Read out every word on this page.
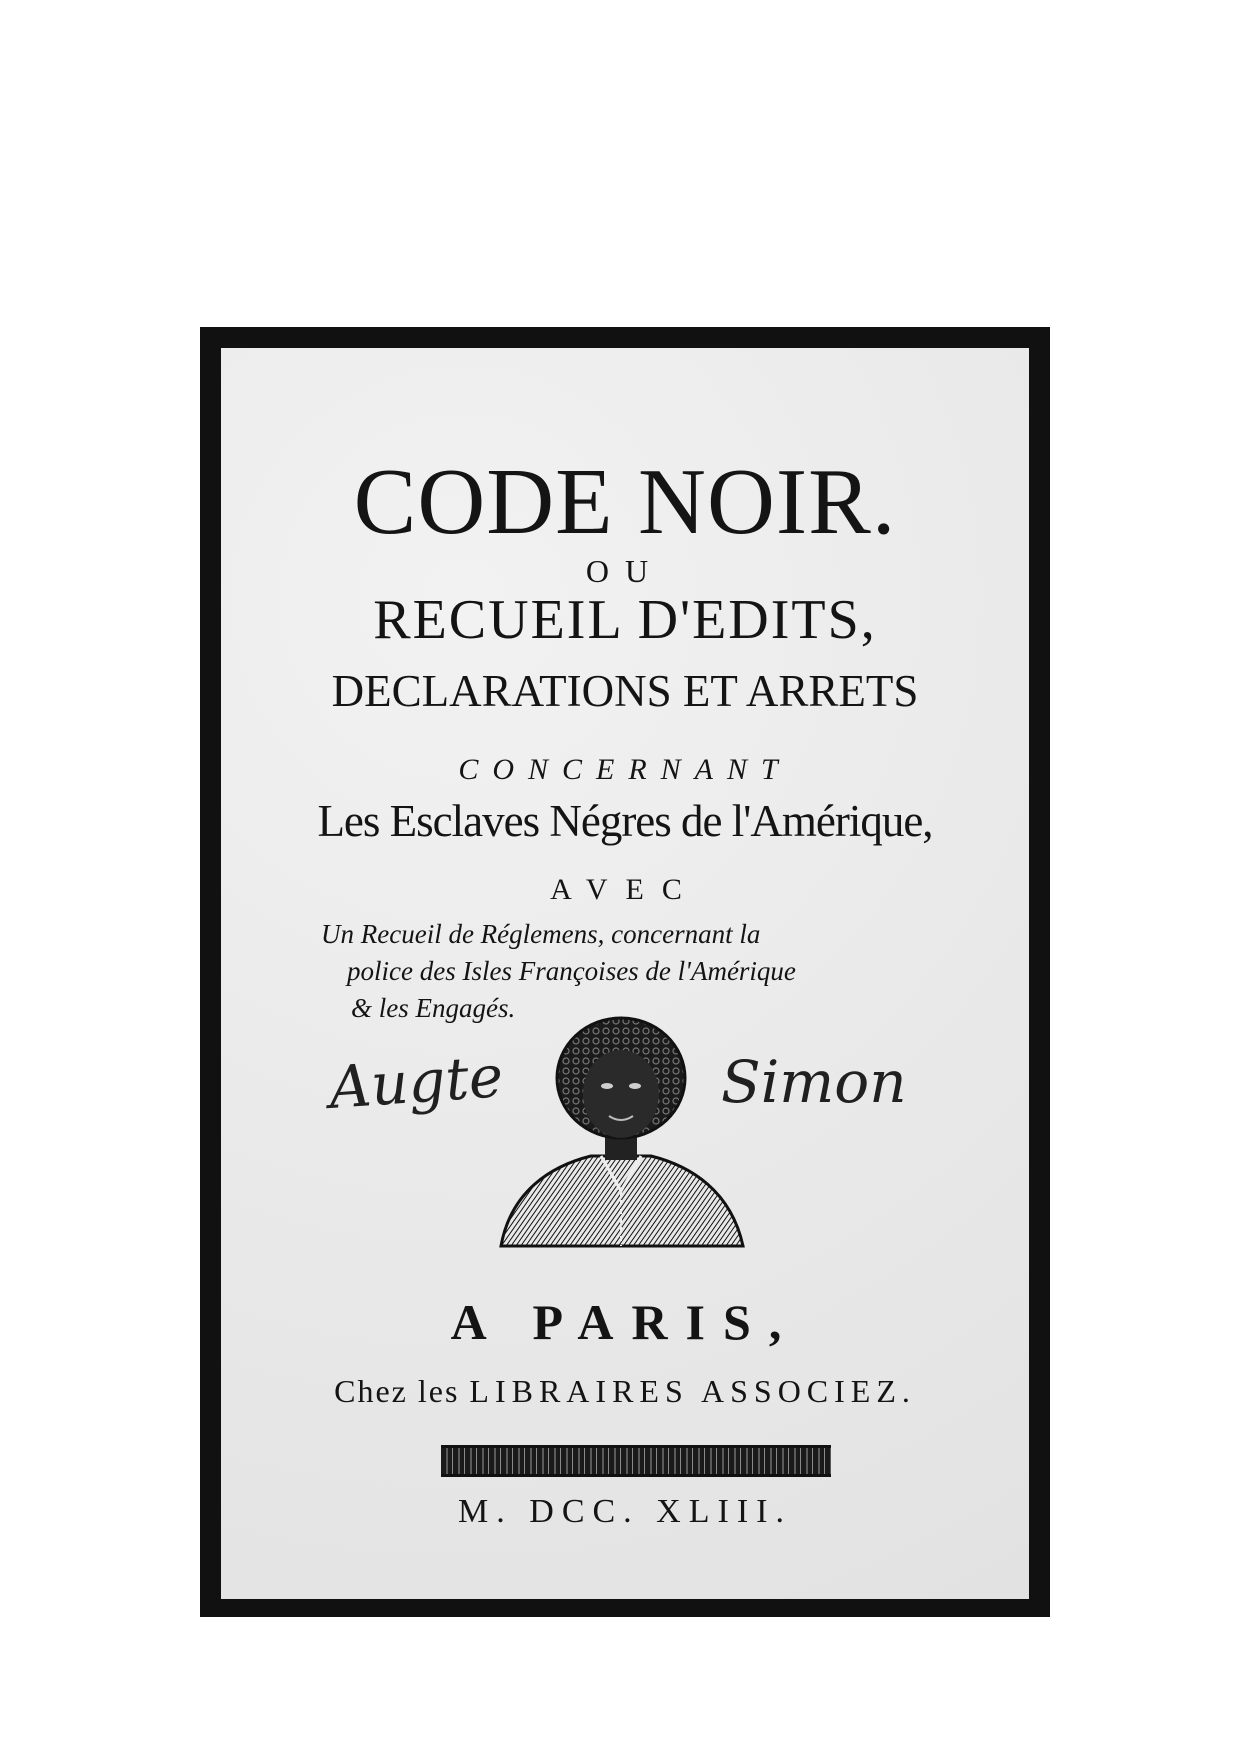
CODE NOIR.
OU
RECUEIL D'EDITS,
DECLARATIONS ET ARRETS
CONCERNANT
Les Esclaves Négres de l'Amérique,
AVEC
Un Recueil de Réglemens, concernant la
police des Isles Françoises de l'Amérique
& les Engagés.
Augte	Simon
A PARIS,
Chez les LIBRAIRES ASSOCIEZ.
M. DCC. XLIII.
